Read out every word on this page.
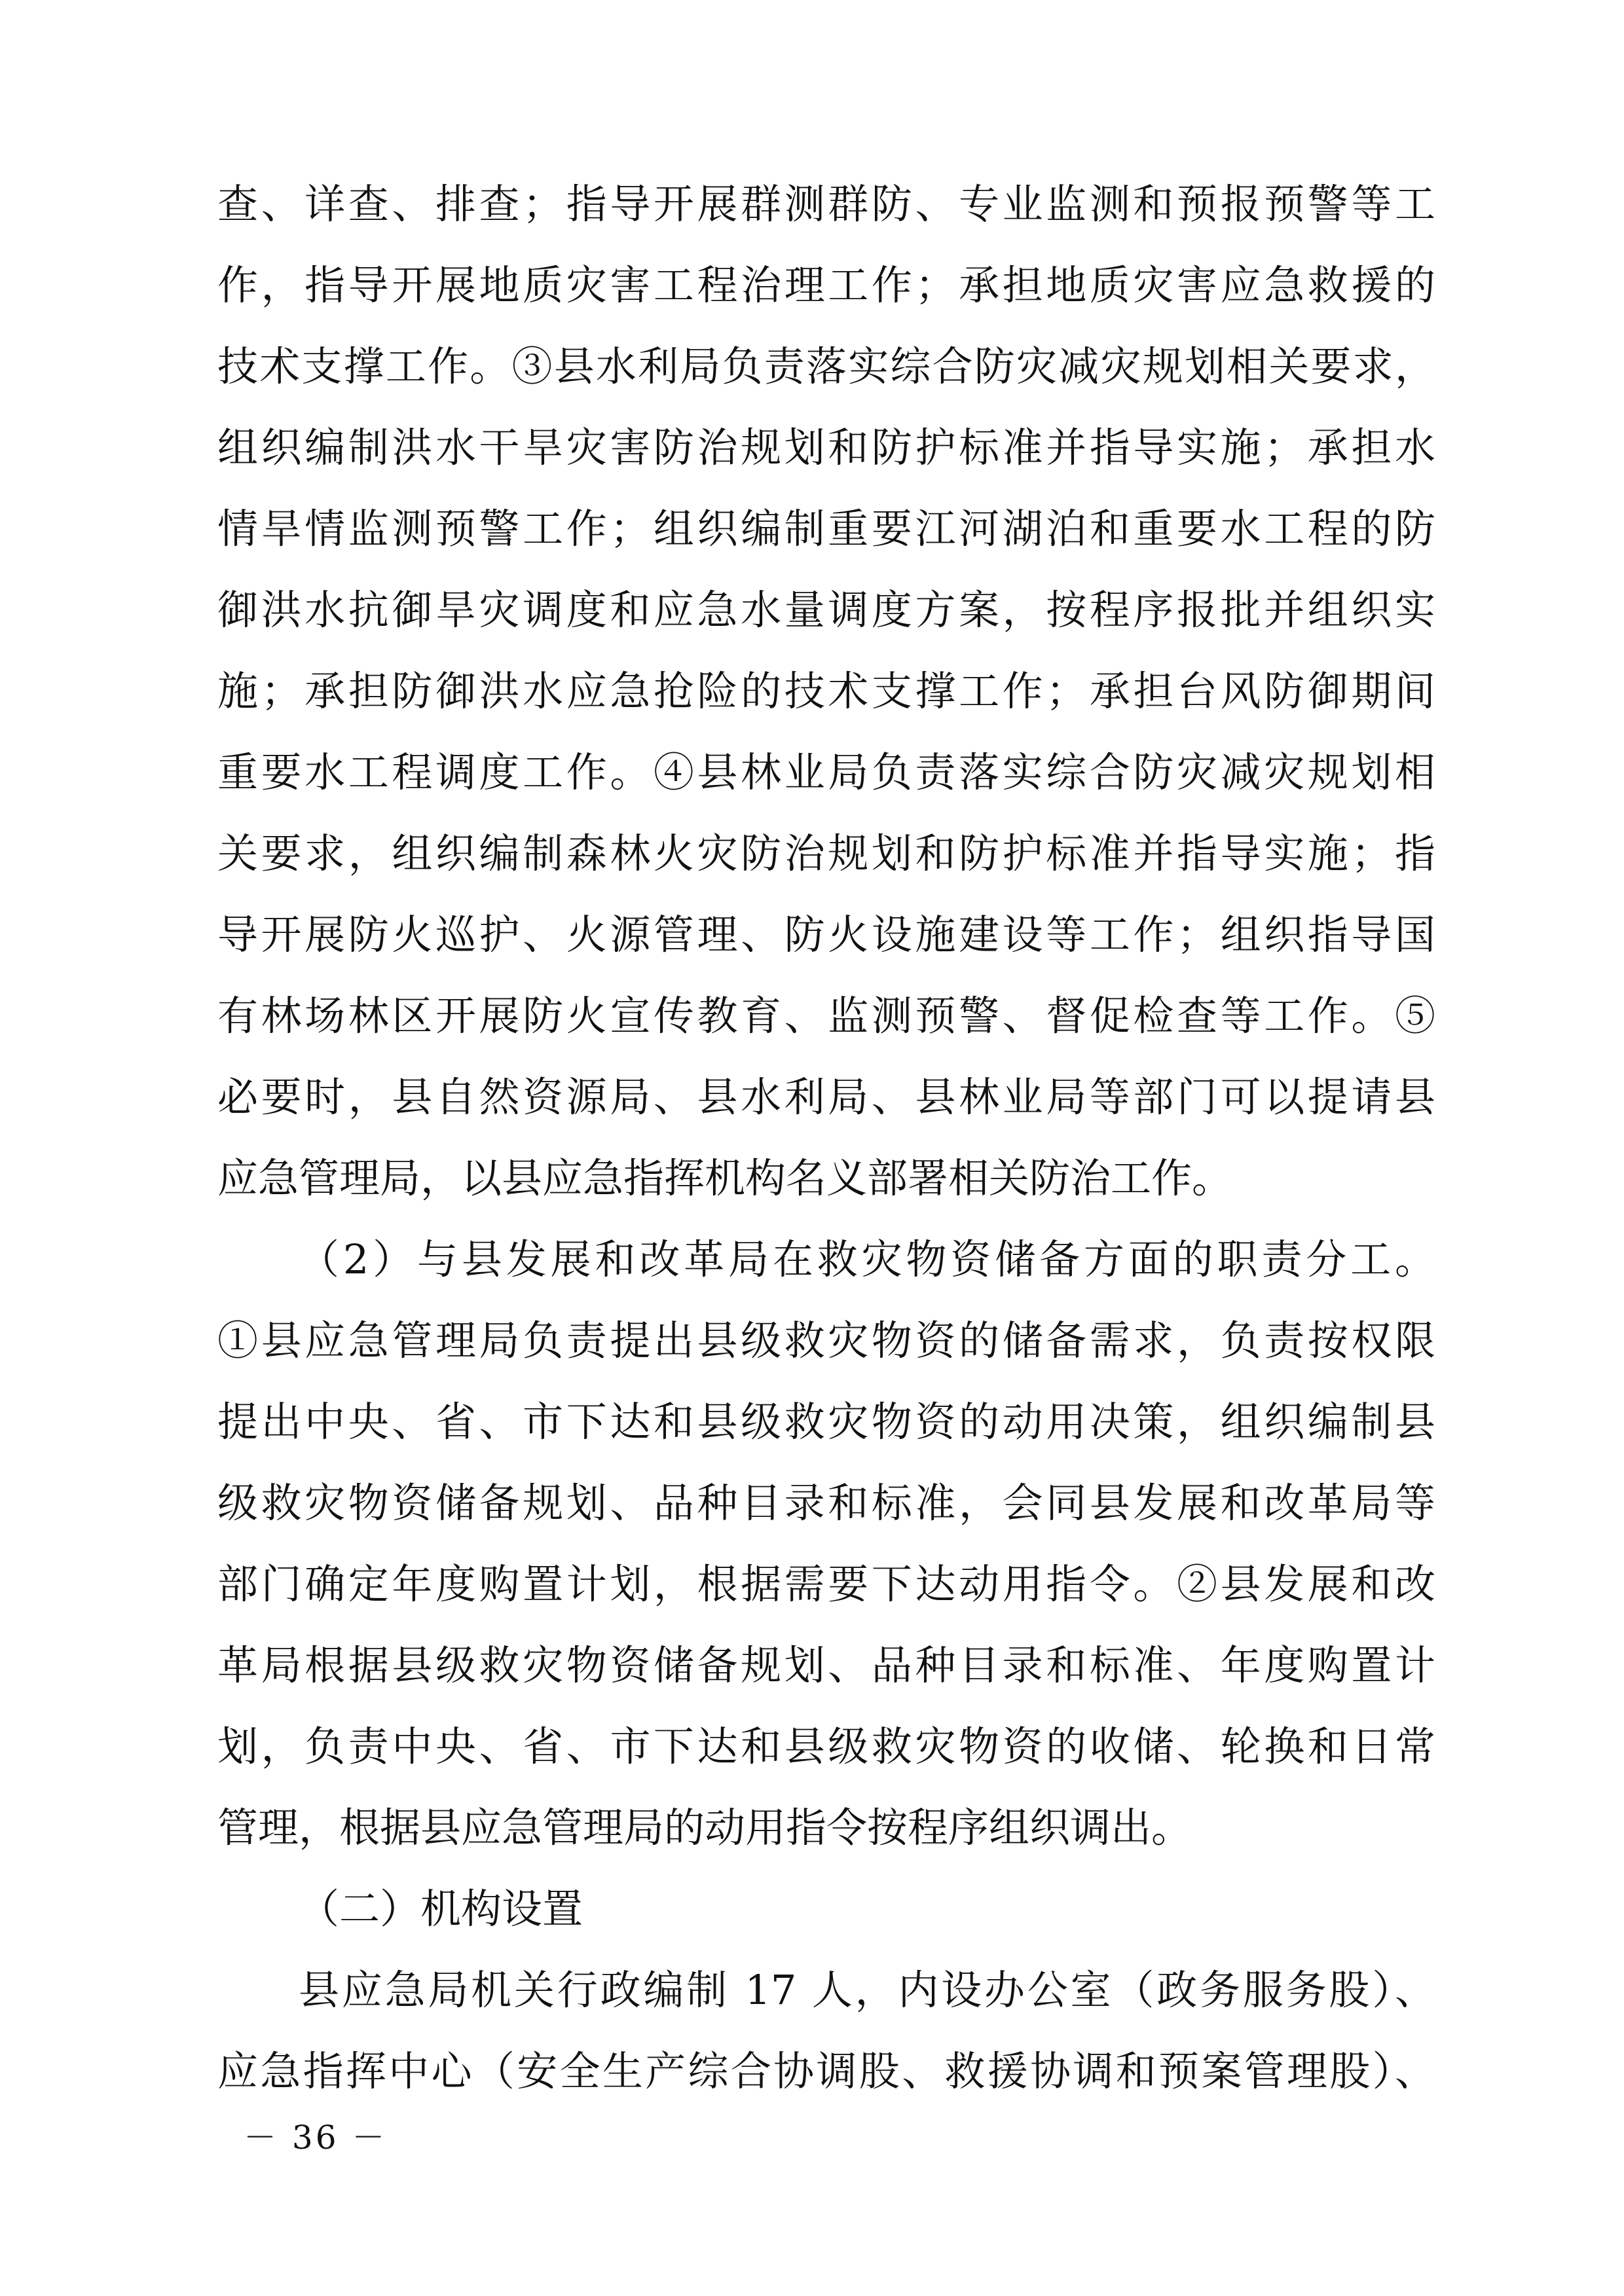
查、详查、排查；指导开展群测群防、专业监测和预报预警等工
作，指导开展地质灾害工程治理工作；承担地质灾害应急救援的
技术支撑工作。③县水利局负责落实综合防灾减灾规划相关要求，
组织编制洪水干旱灾害防治规划和防护标准并指导实施；承担水
情旱情监测预警工作；组织编制重要江河湖泊和重要水工程的防
御洪水抗御旱灾调度和应急水量调度方案，按程序报批并组织实
施；承担防御洪水应急抢险的技术支撑工作；承担台风防御期间
重要水工程调度工作。④县林业局负责落实综合防灾减灾规划相
关要求，组织编制森林火灾防治规划和防护标准并指导实施；指
导开展防火巡护、火源管理、防火设施建设等工作；组织指导国
有林场林区开展防火宣传教育、监测预警、督促检查等工作。⑤
必要时，县自然资源局、县水利局、县林业局等部门可以提请县
应急管理局，以县应急指挥机构名义部署相关防治工作。
（2）与县发展和改革局在救灾物资储备方面的职责分工。
①县应急管理局负责提出县级救灾物资的储备需求，负责按权限
提出中央、省、市下达和县级救灾物资的动用决策，组织编制县
级救灾物资储备规划、品种目录和标准，会同县发展和改革局等
部门确定年度购置计划，根据需要下达动用指令。②县发展和改
革局根据县级救灾物资储备规划、品种目录和标准、年度购置计
划，负责中央、省、市下达和县级救灾物资的收储、轮换和日常
管理，根据县应急管理局的动用指令按程序组织调出。
（二）机构设置
县应急局机关行政编制 17 人，内设办公室（政务服务股）、
应急指挥中心（安全生产综合协调股、救援协调和预案管理股）、
－ 36 －
